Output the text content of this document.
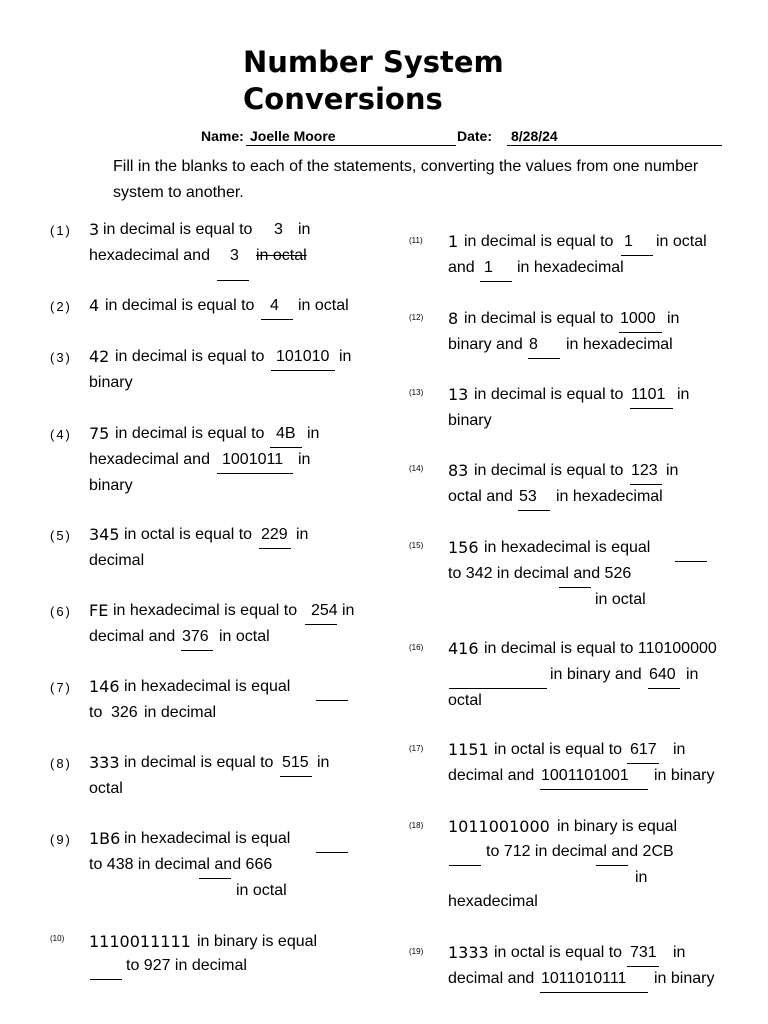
Number System Conversions
Name: Joelle Moore	Date: 8/28/24

Fill in the blanks to each of the statements, converting the values from one number system to another.

(1) 3 in decimal is equal to 3 in
hexadecimal and 3 in octal
(2) 4 in decimal is equal to 4 in octal
(3) 42 in decimal is equal to 101010 in
binary
(4) 75 in decimal is equal to 4B in
hexadecimal and 1001011 in
binary
(5) 345 in octal is equal to 229 in
decimal
(6) FE in hexadecimal is equal to 254 in
decimal and 376 in octal
(7) 146 in hexadecimal is equal
to 326 in decimal
(8) 333 in decimal is equal to 515 in
octal
(9) 1B6 in hexadecimal is equal
to 438 in decimal and 666
in octal
(10) 1110011111 in binary is equal
to 927 in decimal
(11) 1 in decimal is equal to 1 in octal
and 1 in hexadecimal
(12) 8 in decimal is equal to 1000 in
binary and 8 in hexadecimal
(13) 13 in decimal is equal to 1101 in
binary
(14) 83 in decimal is equal to 123 in
octal and 53 in hexadecimal
(15) 156 in hexadecimal is equal
to 342 in decimal and 526
in octal
(16) 416 in decimal is equal to 110100000
in binary and 640 in
octal
(17) 1151 in octal is equal to 617 in
decimal and 1001101001 in binary
(18) 1011001000 in binary is equal
to 712 in decimal and 2CB
in
hexadecimal
(19) 1333 in octal is equal to 731 in
decimal and 1011010111 in binary
